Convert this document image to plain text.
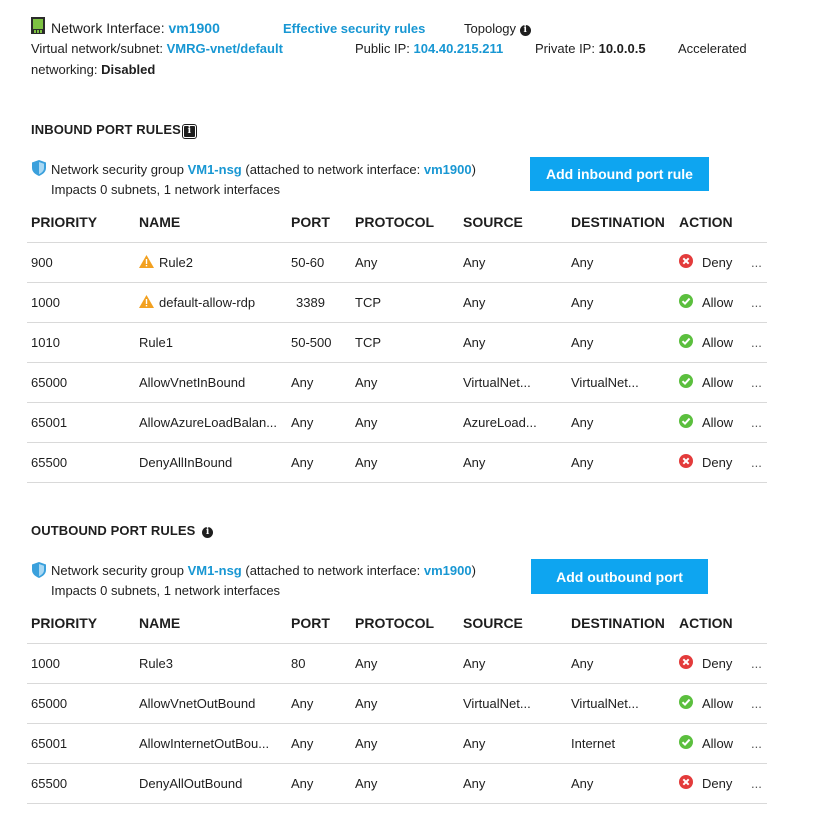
Network Interface: vm1900	Effective security rules	Topology i
Virtual network/subnet: VMRG-vnet/default	Public IP: 104.40.215.211 Private IP: 10.0.0.5 Accelerated
networking: Disabled
INBOUND PORT RULES i
Network security group VM1-nsg (attached to network interface: vm1900)
Impacts 0 subnets, 1 network interfaces
Add inbound port rule
PRIORITY	NAME	PORT	PROTOCOL	SOURCE	DESTINATION	ACTION
900	Rule2	50-60	Any	Any	Any	Deny	...
1000	default-allow-rdp	3389	TCP	Any	Any	Allow	...
1010	Rule1	50-500	TCP	Any	Any	Allow	...
65000	AllowVnetInBound	Any	Any	VirtualNet...	VirtualNet...	Allow	...
65001	AllowAzureLoadBalan...	Any	Any	AzureLoad...	Any	Allow	...
65500	DenyAllInBound	Any	Any	Any	Any	Deny	...
OUTBOUND PORT RULES i
Network security group VM1-nsg (attached to network interface: vm1900)
Impacts 0 subnets, 1 network interfaces
Add outbound port
PRIORITY	NAME	PORT	PROTOCOL	SOURCE	DESTINATION	ACTION
1000	Rule3	80	Any	Any	Any	Deny	...
65000	AllowVnetOutBound	Any	Any	VirtualNet...	VirtualNet...	Allow	...
65001	AllowInternetOutBou...	Any	Any	Any	Internet	Allow	...
65500	DenyAllOutBound	Any	Any	Any	Any	Deny	...
